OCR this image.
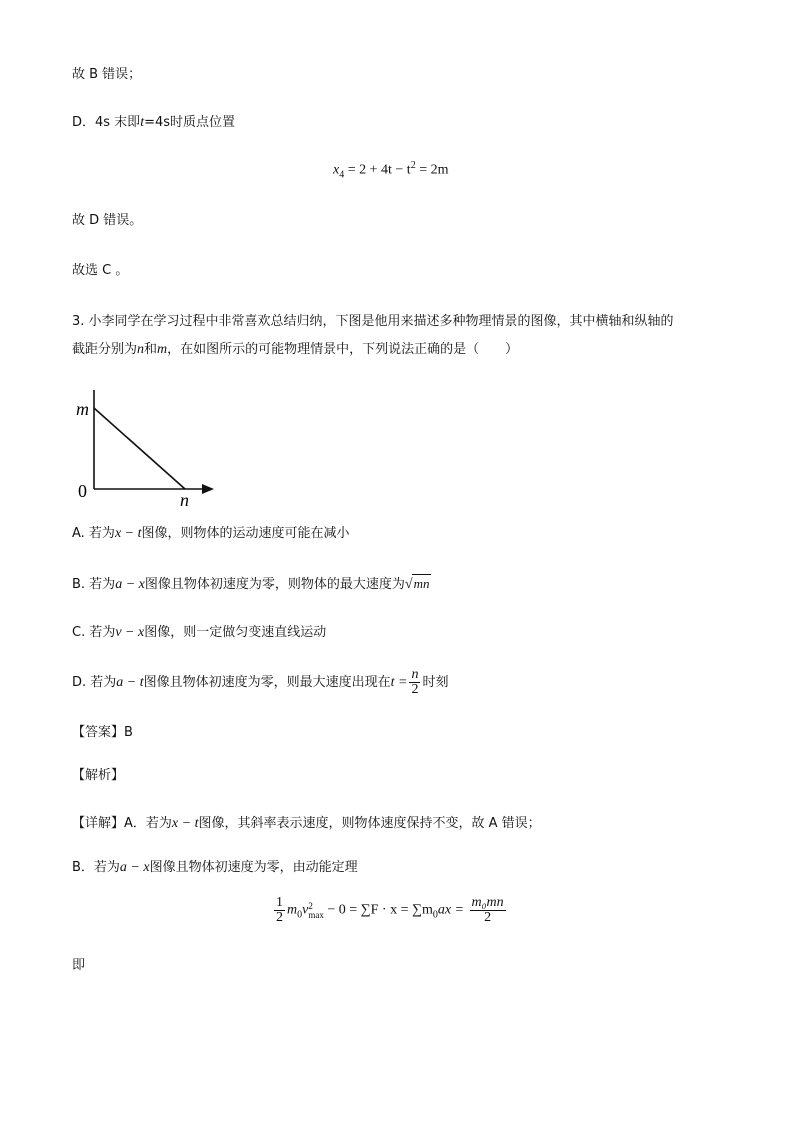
故 B 错误；
D．4s 末即t=4s时质点位置
$x_4 = 2 + 4t - t^2 = 2m$
故 D 错误。
故选 C 。
3. 小李同学在学习过程中非常喜欢总结归纳，下图是他用来描述多种物理情景的图像，其中横轴和纵轴的
截距分别为n和m，在如图所示的可能物理情景中，下列说法正确的是（　　）
m
n
0
A. 若为x − t图像，则物体的运动速度可能在减小
B. 若为a − x图像且物体初速度为零，则物体的最大速度为√mn
C. 若为v − x图像，则一定做匀变速直线运动
D. 若为a − t图像且物体初速度为零，则最大速度出现在$t = \frac{n}{2}$ 时刻
【答案】B
【解析】
【详解】A．若为x − t图像，其斜率表示速度，则物体速度保持不变，故 A 错误；
B．若为a − x图像且物体初速度为零，由动能定理
$\frac{1}{2} m_0v$ 2
$\max - 0 = \sum F \cdot x = \sum m_0ax = \frac{\text{m₀mn}}{2}$
即
